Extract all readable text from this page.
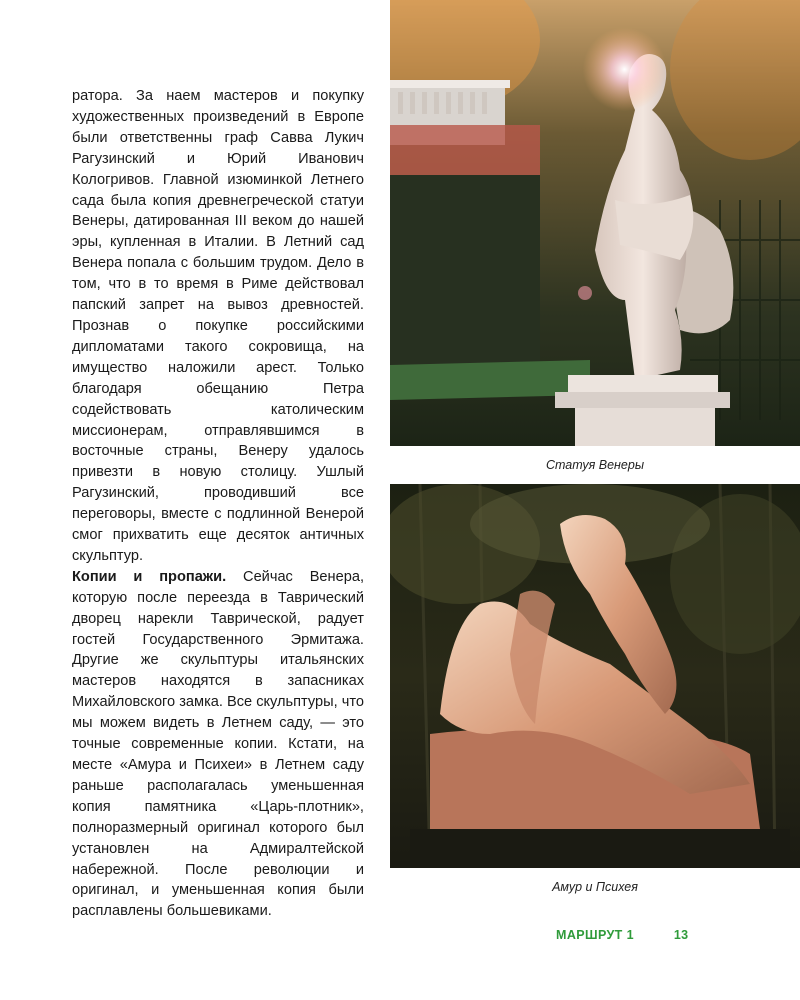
ратора. За наем мастеров и покупку художественных произведений в Европе были ответственны граф Савва Лукич Рагузинский и Юрий Иванович Кологривов. Главной изюминкой Летнего сада была копия древнегреческой статуи Венеры, датированная III веком до нашей эры, купленная в Италии. В Летний сад Венера попала с большим трудом. Дело в том, что в то время в Риме действовал папский запрет на вывоз древностей. Прознав о покупке российскими дипломатами такого сокровища, на имущество наложили арест. Только благодаря обещанию Петра содействовать католическим миссионерам, отправлявшимся в восточные страны, Венеру удалось привезти в новую столицу. Ушлый Рагузинский, проводивший все переговоры, вместе с подлинной Венерой смог прихватить еще десяток античных скульптур.

Копии и пропажи. Сейчас Венера, которую после переезда в Таврический дворец нарекли Таврической, радует гостей Государственного Эрмитажа. Другие же скульптуры итальянских мастеров находятся в запасниках Михайловского замка. Все скульптуры, что мы можем видеть в Летнем саду, — это точные современные копии. Кстати, на месте «Амура и Психеи» в Летнем саду раньше располагалась уменьшенная копия памятника «Царь-плотник», полноразмерный оригинал которого был установлен на Адмиралтейской набережной. После революции и оригинал, и уменьшенная копия были расплавлены большевиками.

Статуя Венеры
Амур и Психея
МАРШРУТ 1	13
